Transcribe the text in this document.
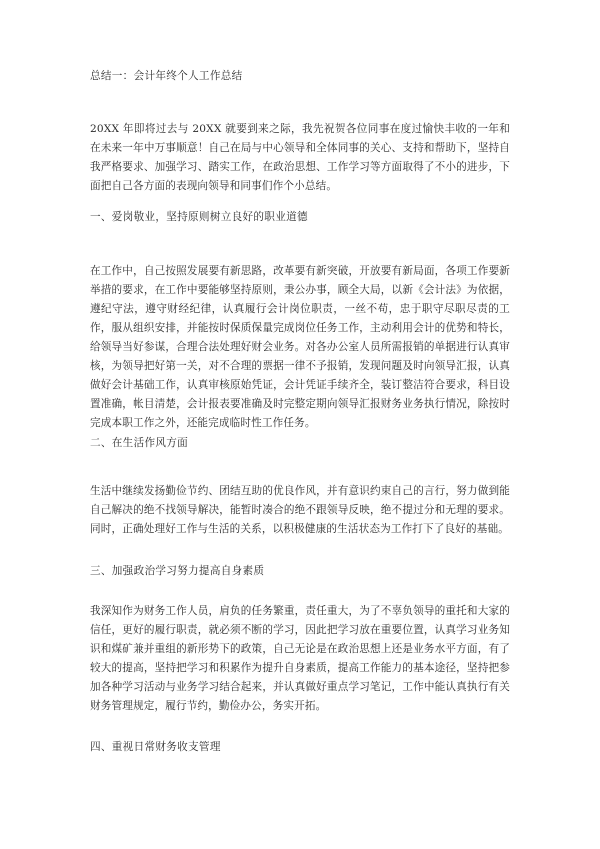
总结一：会计年终个人工作总结

20XX 年即将过去与 20XX 就要到来之际，我先祝贺各位同事在度过愉快丰收的一年和在未来一年中万事顺意！自己在局与中心领导和全体同事的关心、支持和帮助下，坚持自我严格要求、加强学习、踏实工作，在政治思想、工作学习等方面取得了不小的进步，下面把自己各方面的表现向领导和同事们作个小总结。

一、爱岗敬业，坚持原则树立良好的职业道德

在工作中，自己按照发展要有新思路，改革要有新突破，开放要有新局面，各项工作要新举措的要求，在工作中要能够坚持原则，秉公办事，顾全大局，以新《会计法》为依据，遵纪守法，遵守财经纪律，认真履行会计岗位职责，一丝不苟，忠于职守尽职尽责的工作，服从组织安排，并能按时保质保量完成岗位任务工作，主动利用会计的优势和特长，给领导当好参谋，合理合法处理好财会业务。对各办公室人员所需报销的单据进行认真审核，为领导把好第一关，对不合理的票据一律不予报销，发现问题及时向领导汇报，认真做好会计基础工作，认真审核原始凭证，会计凭证手续齐全，装订整洁符合要求，科目设置准确，帐目清楚，会计报表要准确及时完整定期向领导汇报财务业务执行情况，除按时完成本职工作之外，还能完成临时性工作任务。

二、在生活作风方面

生活中继续发扬勤俭节约、团结互助的优良作风，并有意识约束自己的言行，努力做到能自己解决的绝不找领导解决，能暂时凑合的绝不跟领导反映，绝不提过分和无理的要求。同时，正确处理好工作与生活的关系，以积极健康的生活状态为工作打下了良好的基础。

三、加强政治学习努力提高自身素质

我深知作为财务工作人员，肩负的任务繁重，责任重大，为了不辜负领导的重托和大家的信任，更好的履行职责，就必须不断的学习，因此把学习放在重要位置，认真学习业务知识和煤矿兼并重组的新形势下的政策，自己无论是在政治思想上还是业务水平方面，有了较大的提高，坚持把学习和积累作为提升自身素质，提高工作能力的基本途径，坚持把参加各种学习活动与业务学习结合起来，并认真做好重点学习笔记，工作中能认真执行有关财务管理规定，履行节约，勤俭办公，务实开拓。

四、重视日常财务收支管理
